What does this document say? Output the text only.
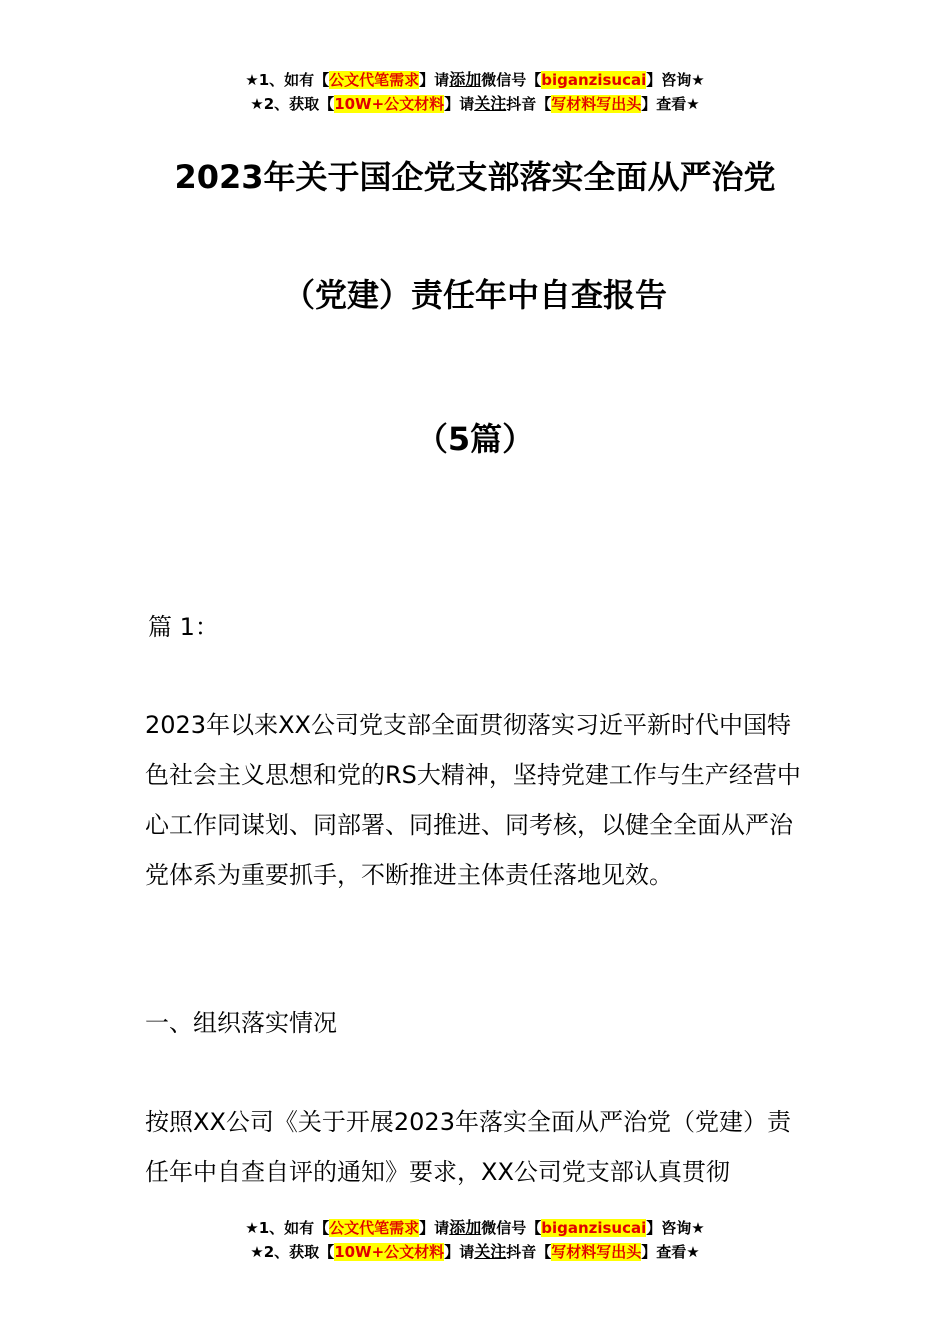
★1、如有【公文代笔需求】请添加微信号【biganzisucai】咨询★
★2、获取【10W+公文材料】请关注抖音【写材料写出头】查看★
2023年关于国企党支部落实全面从严治党
（党建）责任年中自查报告
（5篇）
篇 1：
2023年以来XX公司党支部全面贯彻落实习近平新时代中国特色社会主义思想和党的RS大精神，坚持党建工作与生产经营中心工作同谋划、同部署、同推进、同考核，以健全全面从严治党体系为重要抓手，不断推进主体责任落地见效。
一、组织落实情况
按照XX公司《关于开展2023年落实全面从严治党（党建）责任年中自查自评的通知》要求，XX公司党支部认真贯彻
★1、如有【公文代笔需求】请添加微信号【biganzisucai】咨询★
★2、获取【10W+公文材料】请关注抖音【写材料写出头】查看★
